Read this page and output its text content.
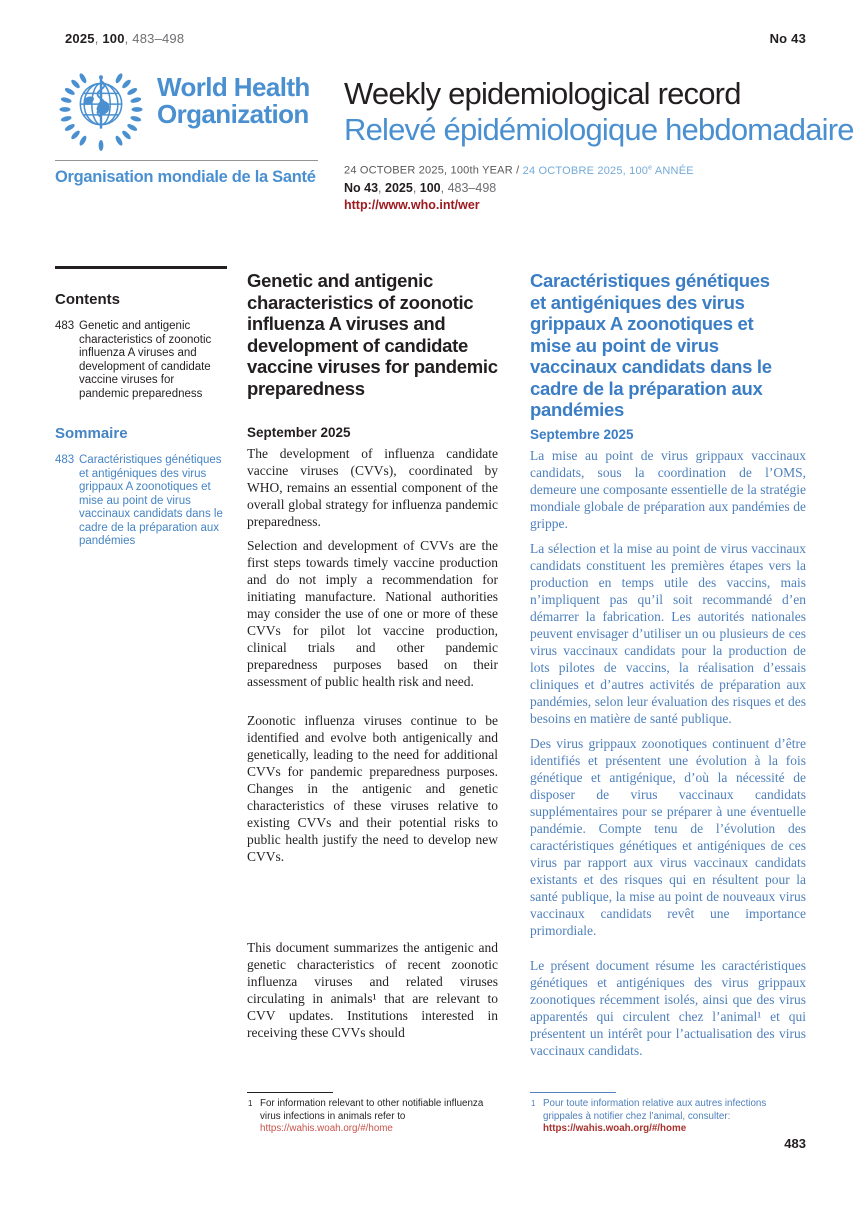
2025, 100, 483–498	No 43
World Health
Organization
Organisation mondiale de la Santé
Weekly epidemiological record
Relevé épidémiologique hebdomadaire
24 OCTOBER 2025, 100th YEAR / 24 OCTOBRE 2025, 100e ANNÉE
No 43, 2025, 100, 483–498
http://www.who.int/wer
Contents
483 Genetic and antigenic characteristics of zoonotic influenza A viruses and development of candidate vaccine viruses for pandemic preparedness
Sommaire
483 Caractéristiques génétiques et antigéniques des virus grippaux A zoonotiques et mise au point de virus vaccinaux candidats dans le cadre de la préparation aux pandémies
Genetic and antigenic characteristics of zoonotic influenza A viruses and development of candidate vaccine viruses for pandemic preparedness
September 2025

The development of influenza candidate vaccine viruses (CVVs), coordinated by WHO, remains an essential component of the overall global strategy for influenza pandemic preparedness.

Selection and development of CVVs are the first steps towards timely vaccine production and do not imply a recommendation for initiating manufacture. National authorities may consider the use of one or more of these CVVs for pilot lot vaccine production, clinical trials and other pandemic preparedness purposes based on their assessment of public health risk and need.

Zoonotic influenza viruses continue to be identified and evolve both antigenically and genetically, leading to the need for additional CVVs for pandemic preparedness purposes. Changes in the antigenic and genetic characteristics of these viruses relative to existing CVVs and their potential risks to public health justify the need to develop new CVVs.

This document summarizes the antigenic and genetic characteristics of recent zoonotic influenza viruses and related viruses circulating in animals¹ that are relevant to CVV updates. Institutions interested in receiving these CVVs should

Caractéristiques génétiques et antigéniques des virus grippaux A zoonotiques et mise au point de virus vaccinaux candidats dans le cadre de la préparation aux pandémies
Septembre 2025

La mise au point de virus grippaux vaccinaux candidats, sous la coordination de l’OMS, demeure une composante essentielle de la stratégie mondiale globale de préparation aux pandémies de grippe.

La sélection et la mise au point de virus vaccinaux candidats constituent les premières étapes vers la production en temps utile des vaccins, mais n’impliquent pas qu’il soit recommandé d’en démarrer la fabrication. Les autorités nationales peuvent envisager d’utiliser un ou plusieurs de ces virus vaccinaux candidats pour la production de lots pilotes de vaccins, la réalisation d’essais cliniques et d’autres activités de préparation aux pandémies, selon leur évaluation des risques et des besoins en matière de santé publique.

Des virus grippaux zoonotiques continuent d’être identifiés et présentent une évolution à la fois génétique et antigénique, d’où la nécessité de disposer de virus vaccinaux candidats supplémentaires pour se préparer à une éventuelle pandémie. Compte tenu de l’évolution des caractéristiques génétiques et antigéniques de ces virus par rapport aux virus vaccinaux candidats existants et des risques qui en résultent pour la santé publique, la mise au point de nouveaux virus vaccinaux candidats revêt une importance primordiale.

Le présent document résume les caractéristiques génétiques et antigéniques des virus grippaux zoonotiques récemment isolés, ainsi que des virus apparentés qui circulent chez l’animal¹ et qui présentent un intérêt pour l’actualisation des virus vaccinaux candidats.

1 For information relevant to other notifiable influenza virus infections in animals refer to https://wahis.woah.org/#/home
1 Pour toute information relative aux autres infections grippales à notifier chez l’animal, consulter: https://wahis.woah.org/#/home
483
